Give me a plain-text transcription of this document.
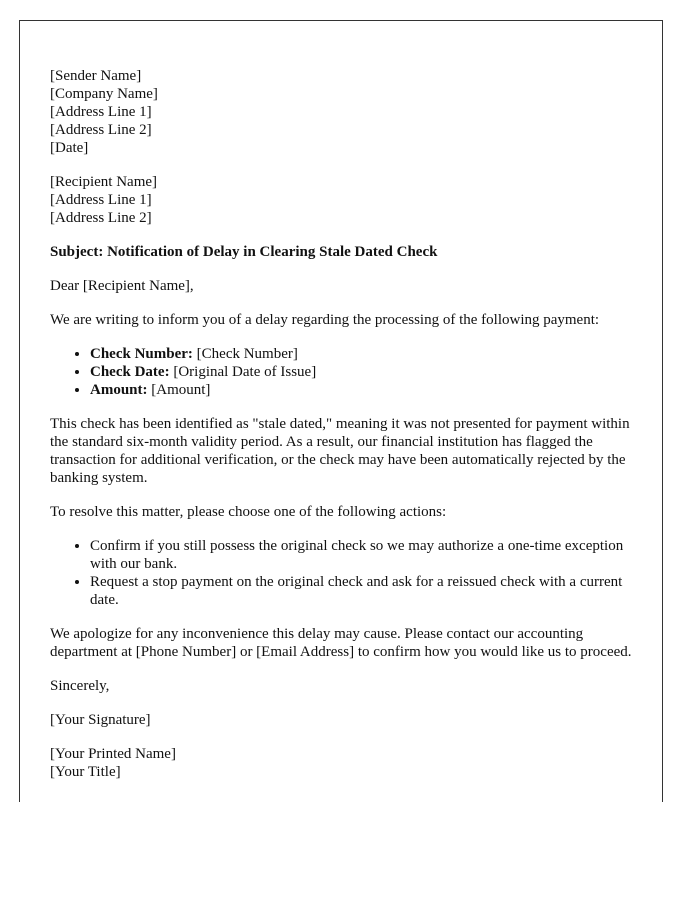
[Sender Name]
[Company Name]
[Address Line 1]
[Address Line 2]
[Date]

[Recipient Name]
[Address Line 1]
[Address Line 2]

Subject: Notification of Delay in Clearing Stale Dated Check

Dear [Recipient Name],

We are writing to inform you of a delay regarding the processing of the following payment:

• Check Number: [Check Number]
• Check Date: [Original Date of Issue]
• Amount: [Amount]

This check has been identified as "stale dated," meaning it was not presented for payment within the standard six-month validity period. As a result, our financial institution has flagged the transaction for additional verification, or the check may have been automatically rejected by the banking system.

To resolve this matter, please choose one of the following actions:

• Confirm if you still possess the original check so we may authorize a one-time exception with our bank.
• Request a stop payment on the original check and ask for a reissued check with a current date.

We apologize for any inconvenience this delay may cause. Please contact our accounting department at [Phone Number] or [Email Address] to confirm how you would like us to proceed.

Sincerely,

[Your Signature]

[Your Printed Name]
[Your Title]
